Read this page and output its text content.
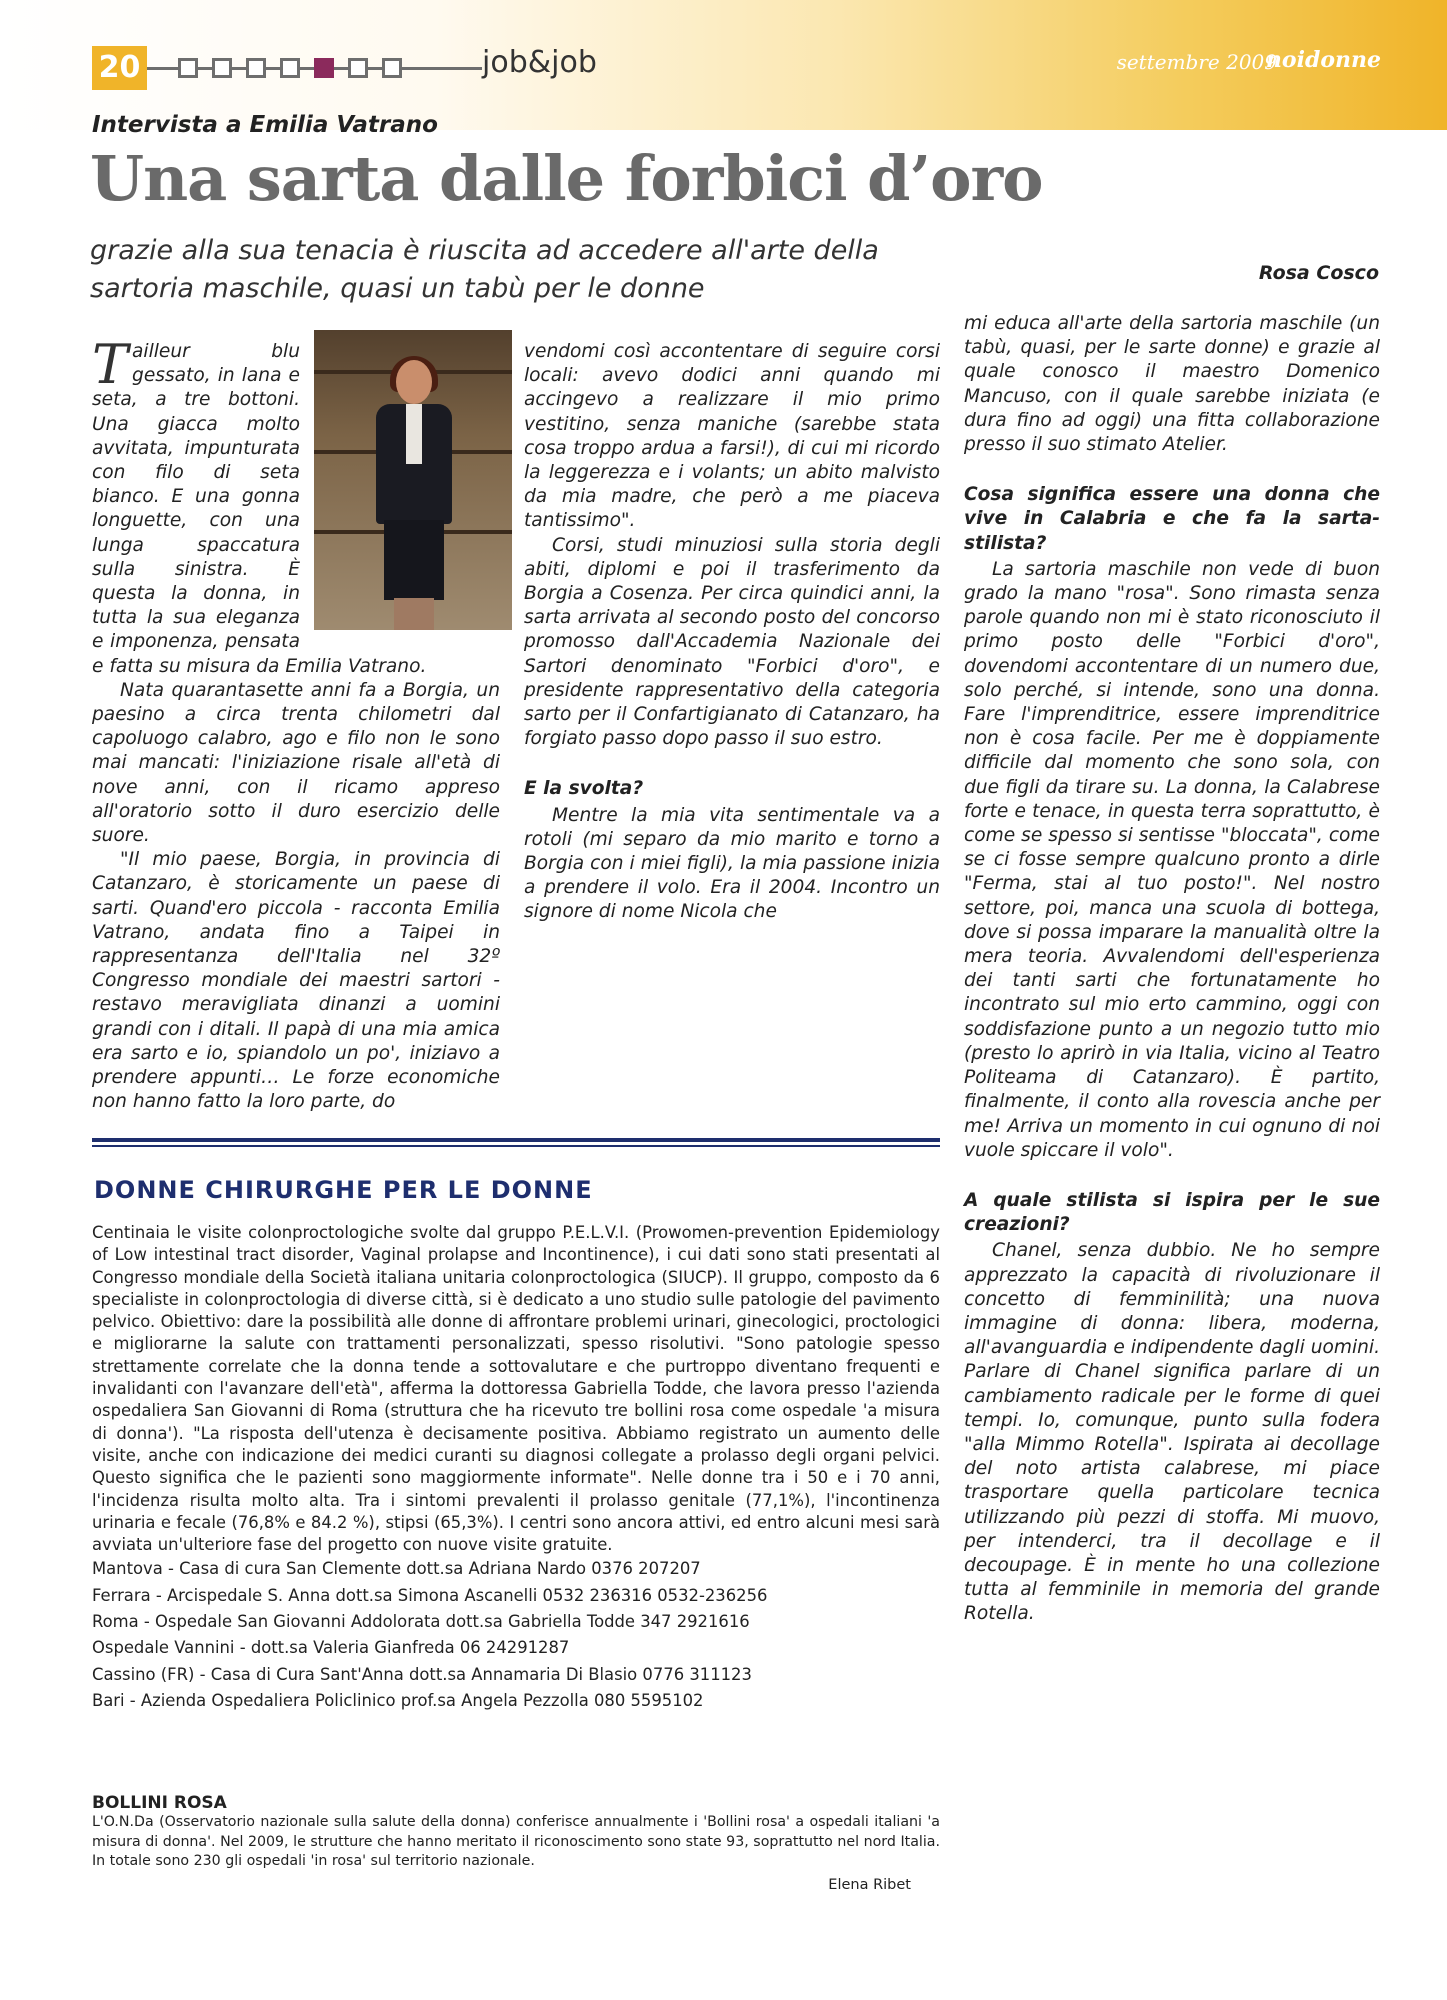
20	job&job	settembre 2009
noidonne
Intervista a Emilia Vatrano
Una sarta dalle forbici d’oro
grazie alla sua tenacia è riuscita ad accedere all'arte della sartoria maschile, quasi un tabù per le donne	Rosa Cosco

Tailleur blu gessato, in lana e seta, a tre bottoni. Una giacca molto avvitata, impunturata con filo di seta bianco. E una gonna longuette, con una lunga spaccatura sulla sinistra. È questa la donna, in tutta la sua eleganza e imponenza, pensata e fatta su misura da Emilia Vatrano.

Nata quarantasette anni fa a Borgia, un paesino a circa trenta chilometri dal capoluogo calabro, ago e filo non le sono mai mancati: l'iniziazione risale all'età di nove anni, con il ricamo appreso all'oratorio sotto il duro esercizio delle suore.

"Il mio paese, Borgia, in provincia di Catanzaro, è storicamente un paese di sarti. Quand'ero piccola - racconta Emilia Vatrano, andata fino a Taipei in rappresentanza dell'Italia nel 32º Congresso mondiale dei maestri sartori - restavo meravigliata dinanzi a uomini grandi con i ditali. Il papà di una mia amica era sarto e io, spiandolo un po', iniziavo a prendere appunti… Le forze economiche non hanno fatto la loro parte, do

DONNE CHIRURGHE PER LE DONNE

Centinaia le visite colonproctologiche svolte dal gruppo P.E.L.V.I. (Prowomen-prevention Epidemiology of Low intestinal tract disorder, Vaginal prolapse and Incontinence), i cui dati sono stati presentati al Congresso mondiale della Società italiana unitaria colonproctologica (SIUCP). Il gruppo, composto da 6 specialiste in colonproctologia di diverse città, si è dedicato a uno studio sulle patologie del pavimento pelvico. Obiettivo: dare la possibilità alle donne di affrontare problemi urinari, ginecologici, proctologici e migliorarne la salute con trattamenti personalizzati, spesso risolutivi. "Sono patologie spesso strettamente correlate che la donna tende a sottovalutare e che purtroppo diventano frequenti e invalidanti con l'avanzare dell'età", afferma la dottoressa Gabriella Todde, che lavora presso l'azienda ospedaliera San Giovanni di Roma (struttura che ha ricevuto tre bollini rosa come ospedale 'a misura di donna'). "La risposta dell'utenza è decisamente positiva. Abbiamo registrato un aumento delle visite, anche con indicazione dei medici curanti su diagnosi collegate a prolasso degli organi pelvici. Questo significa che le pazienti sono maggiormente informate". Nelle donne tra i 50 e i 70 anni, l'incidenza risulta molto alta. Tra i sintomi prevalenti il prolasso genitale (77,1%), l'incontinenza urinaria e fecale (76,8% e 84.2 %), stipsi (65,3%). I centri sono ancora attivi, ed entro alcuni mesi sarà avviata un'ulteriore fase del progetto con nuove visite gratuite.

Mantova - Casa di cura San Clemente dott.sa Adriana Nardo 0376 207207
Ferrara - Arcispedale S. Anna dott.sa Simona Ascanelli 0532 236316 0532-236256
Roma - Ospedale San Giovanni Addolorata dott.sa Gabriella Todde 347 2921616
Ospedale Vannini - dott.sa Valeria Gianfreda 06 24291287
Cassino (FR) - Casa di Cura Sant'Anna dott.sa Annamaria Di Blasio 0776 311123
Bari - Azienda Ospedaliera Policlinico prof.sa Angela Pezzolla 080 5595102
BOLLINI ROSA

L'O.N.Da (Osservatorio nazionale sulla salute della donna) conferisce annualmente i 'Bollini rosa' a ospedali italiani 'a misura di donna'. Nel 2009, le strutture che hanno meritato il riconoscimento sono state 93, soprattutto nel nord Italia. In totale sono 230 gli ospedali 'in rosa' sul territorio nazionale.

Elena Ribet

vendomi così accontentare di seguire corsi locali: avevo dodici anni quando mi accingevo a realizzare il mio primo vestitino, senza maniche (sarebbe stata cosa troppo ardua a farsi!), di cui mi ricordo la leggerezza e i volants; un abito malvisto da mia madre, che però a me piaceva tantissimo".

Corsi, studi minuziosi sulla storia degli abiti, diplomi e poi il trasferimento da Borgia a Cosenza. Per circa quindici anni, la sarta arrivata al secondo posto del concorso promosso dall'Accademia Nazionale dei Sartori denominato "Forbici d'oro", e presidente rappresentativo della categoria sarto per il Confartigianato di Catanzaro, ha forgiato passo dopo passo il suo estro.

E la svolta?

Mentre la mia vita sentimentale va a rotoli (mi separo da mio marito e torno a Borgia con i miei figli), la mia passione inizia a prendere il volo. Era il 2004. Incontro un signore di nome Nicola che

mi educa all'arte della sartoria maschile (un tabù, quasi, per le sarte donne) e grazie al quale conosco il maestro Domenico Mancuso, con il quale sarebbe iniziata (e dura fino ad oggi) una fitta collaborazione presso il suo stimato Atelier.

Cosa significa essere una donna che vive in Calabria e che fa la sarta-stilista?

La sartoria maschile non vede di buon grado la mano "rosa". Sono rimasta senza parole quando non mi è stato riconosciuto il primo posto delle "Forbici d'oro", dovendomi accontentare di un numero due, solo perché, si intende, sono una donna. Fare l'imprenditrice, essere imprenditrice non è cosa facile. Per me è doppiamente difficile dal momento che sono sola, con due figli da tirare su. La donna, la Calabrese forte e tenace, in questa terra soprattutto, è come se spesso si sentisse "bloccata", come se ci fosse sempre qualcuno pronto a dirle "Ferma, stai al tuo posto!". Nel nostro settore, poi, manca una scuola di bottega, dove si possa imparare la manualità oltre la mera teoria. Avvalendomi dell'esperienza dei tanti sarti che fortunatamente ho incontrato sul mio erto cammino, oggi con soddisfazione punto a un negozio tutto mio (presto lo aprirò in via Italia, vicino al Teatro Politeama di Catanzaro). È partito, finalmente, il conto alla rovescia anche per me! Arriva un momento in cui ognuno di noi vuole spiccare il volo".

A quale stilista si ispira per le sue creazioni?

Chanel, senza dubbio. Ne ho sempre apprezzato la capacità di rivoluzionare il concetto di femminilità; una nuova immagine di donna: libera, moderna, all'avanguardia e indipendente dagli uomini. Parlare di Chanel significa parlare di un cambiamento radicale per le forme di quei tempi. Io, comunque, punto sulla fodera "alla Mimmo Rotella". Ispirata ai decollage del noto artista calabrese, mi piace trasportare quella particolare tecnica utilizzando più pezzi di stoffa. Mi muovo, per intenderci, tra il decollage e il decoupage. È in mente ho una collezione tutta al femminile in memoria del grande Rotella.
